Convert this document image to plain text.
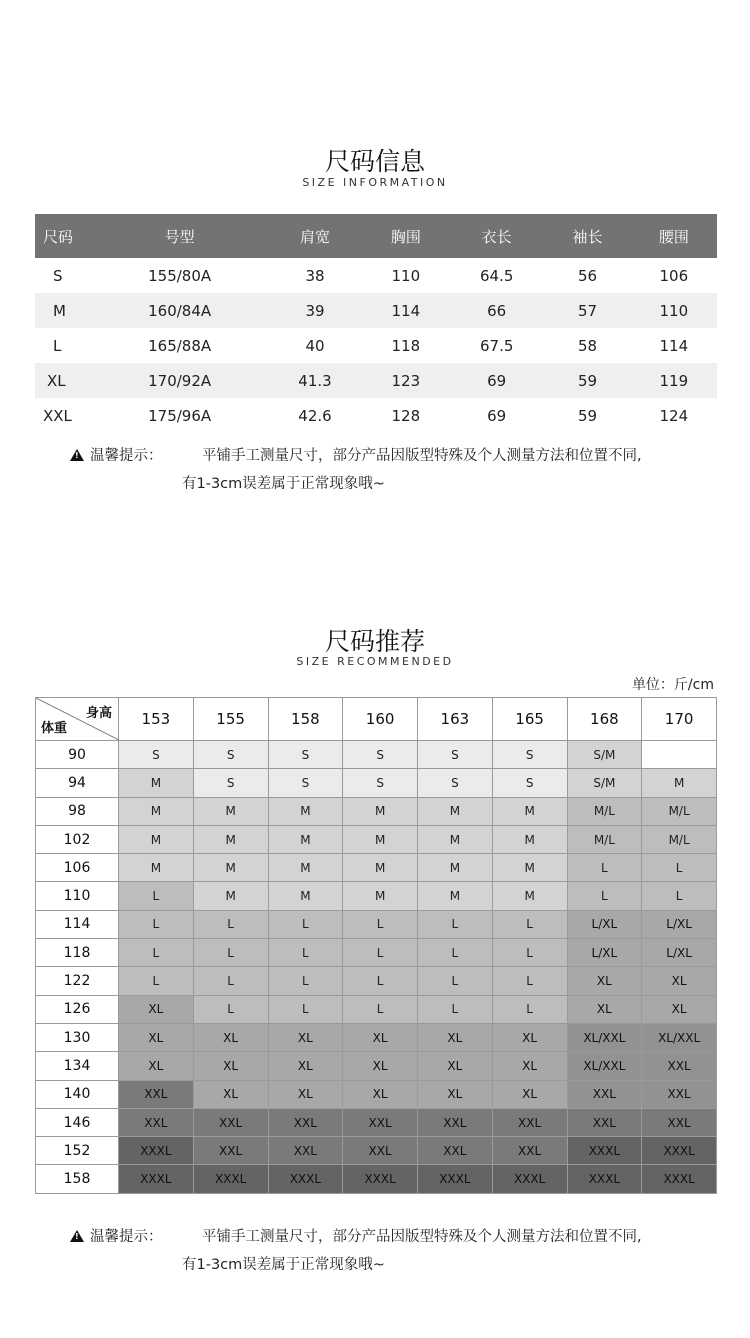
尺码信息
SIZE INFORMATION
尺码	号型	肩宽	胸围	衣长	袖长	腰围
S	155/80A	38	110	64.5	56	106
M	160/84A	39	114	66	57	110
L	165/88A	40	118	67.5	58	114
XL	170/92A	41.3	123	69	59	119
XXL	175/96A	42.6	128	69	59	124
!温馨提示：	平铺手工测量尺寸，部分产品因版型特殊及个人测量方法和位置不同,
有1-3cm误差属于正常现象哦~
尺码推荐
SIZE RECOMMENDED
单位：斤/cm
身高
体重	153	155	158	160	163	165	168	170
90	S	S	S	S	S	S	S/M	
94	M	S	S	S	S	S	S/M	M
98	M	M	M	M	M	M	M/L	M/L
102	M	M	M	M	M	M	M/L	M/L
106	M	M	M	M	M	M	L	L
110	L	M	M	M	M	M	L	L
114	L	L	L	L	L	L	L/XL	L/XL
118	L	L	L	L	L	L	L/XL	L/XL
122	L	L	L	L	L	L	XL	XL
126	XL	L	L	L	L	L	XL	XL
130	XL	XL	XL	XL	XL	XL	XL/XXL	XL/XXL
134	XL	XL	XL	XL	XL	XL	XL/XXL	XXL
140	XXL	XL	XL	XL	XL	XL	XXL	XXL
146	XXL	XXL	XXL	XXL	XXL	XXL	XXL	XXL
152	XXXL	XXL	XXL	XXL	XXL	XXL	XXXL	XXXL
158	XXXL	XXXL	XXXL	XXXL	XXXL	XXXL	XXXL	XXXL
!温馨提示：	平铺手工测量尺寸，部分产品因版型特殊及个人测量方法和位置不同,
有1-3cm误差属于正常现象哦~
